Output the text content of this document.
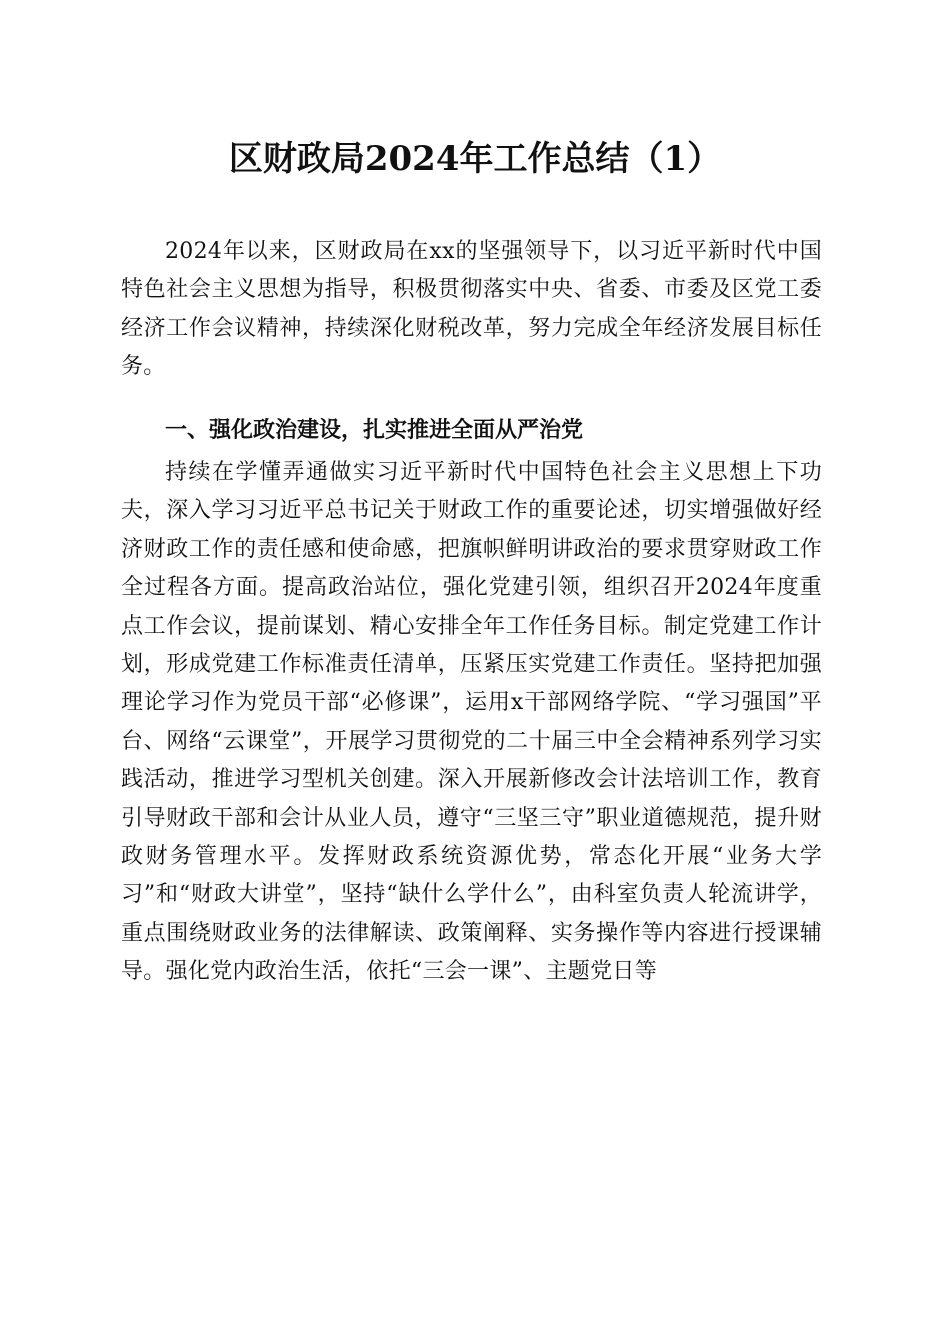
区财政局2024年工作总结（1）

2024年以来，区财政局在xx的坚强领导下，以习近平新时代中国特色社会主义思想为指导，积极贯彻落实中央、省委、市委及区党工委经济工作会议精神，持续深化财税改革，努力完成全年经济发展目标任务。

一、强化政治建设，扎实推进全面从严治党

持续在学懂弄通做实习近平新时代中国特色社会主义思想上下功夫，深入学习习近平总书记关于财政工作的重要论述，切实增强做好经济财政工作的责任感和使命感，把旗帜鲜明讲政治的要求贯穿财政工作全过程各方面。提高政治站位，强化党建引领，组织召开2024年度重点工作会议，提前谋划、精心安排全年工作任务目标。制定党建工作计划，形成党建工作标准责任清单，压紧压实党建工作责任。坚持把加强理论学习作为党员干部“必修课”，运用x干部网络学院、“学习强国”平台、网络“云课堂”，开展学习贯彻党的二十届三中全会精神系列学习实践活动，推进学习型机关创建。深入开展新修改会计法培训工作，教育引导财政干部和会计从业人员，遵守“三坚三守”职业道德规范，提升财政财务管理水平。发挥财政系统资源优势，常态化开展“业务大学习”和“财政大讲堂”，坚持“缺什么学什么”，由科室负责人轮流讲学，重点围绕财政业务的法律解读、政策阐释、实务操作等内容进行授课辅导。强化党内政治生活，依托“三会一课”、主题党日等
